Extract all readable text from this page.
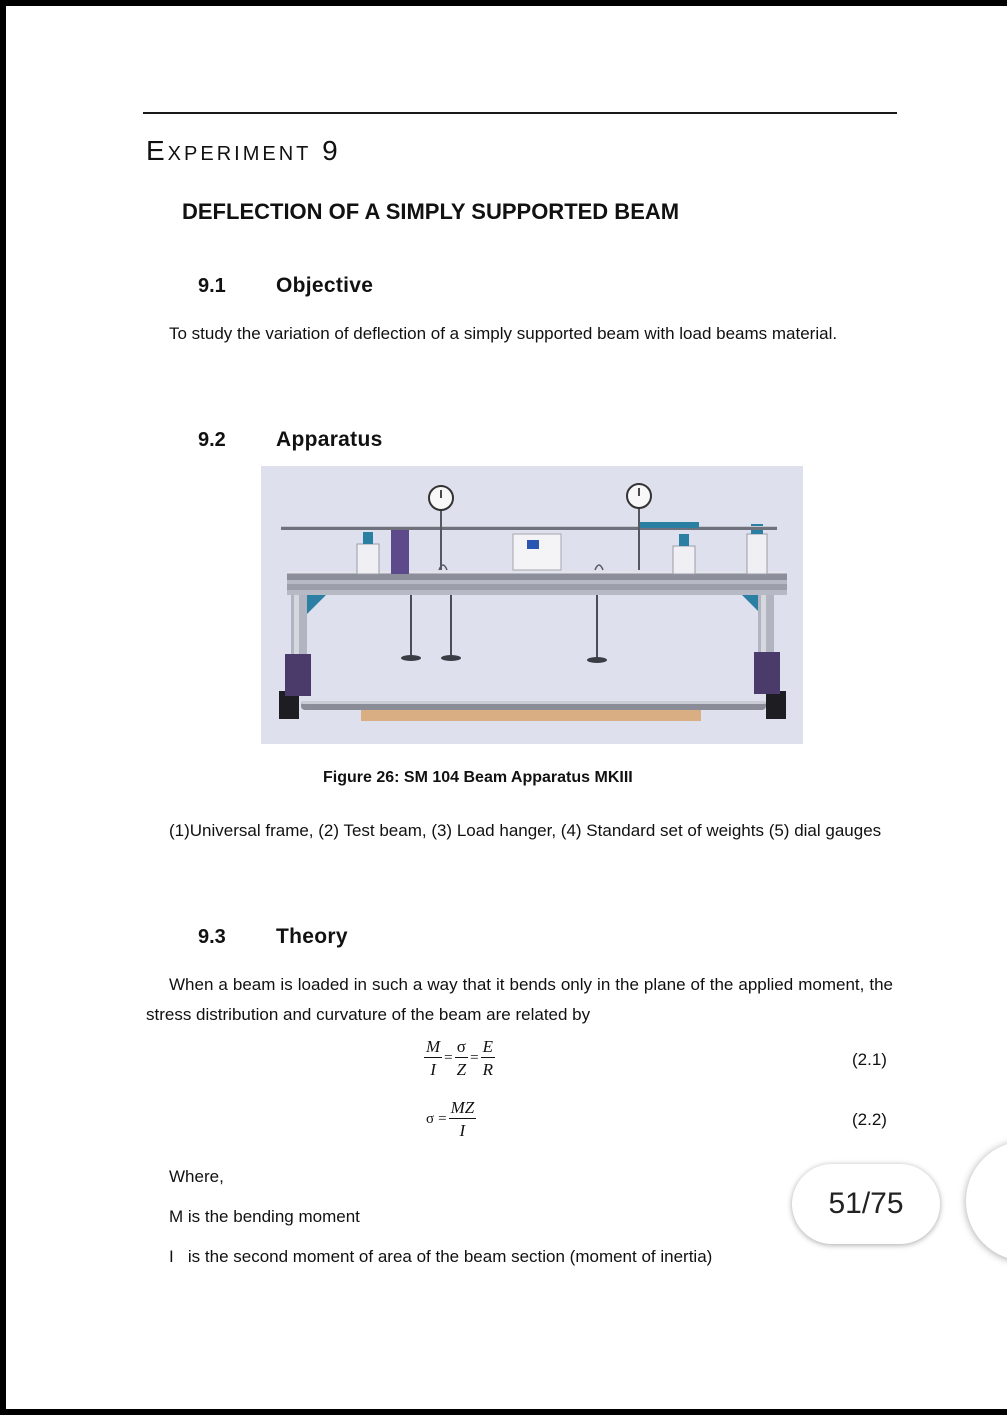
Experiment 9
DEFLECTION OF A SIMPLY SUPPORTED BEAM
9.1 Objective

To study the variation of deflection of a simply supported beam with load beams material.

9.2 Apparatus
Figure 26: SM 104 Beam Apparatus MKIII

(1)Universal frame, (2) Test beam, (3) Load hanger, (4) Standard set of weights (5) dial gauges

9.3 Theory

When a beam is loaded in such a way that it bends only in the plane of the applied moment, the stress distribution and curvature of the beam are related by

$\frac{M}{I} = \frac{\sigma}{Z} = \frac{E}{R}$	(2.1)
$\sigma = \frac{MZ}{I}$	(2.2)
Where,
M is the bending moment
I   is the second moment of area of the beam section (moment of inertia)
51/75
